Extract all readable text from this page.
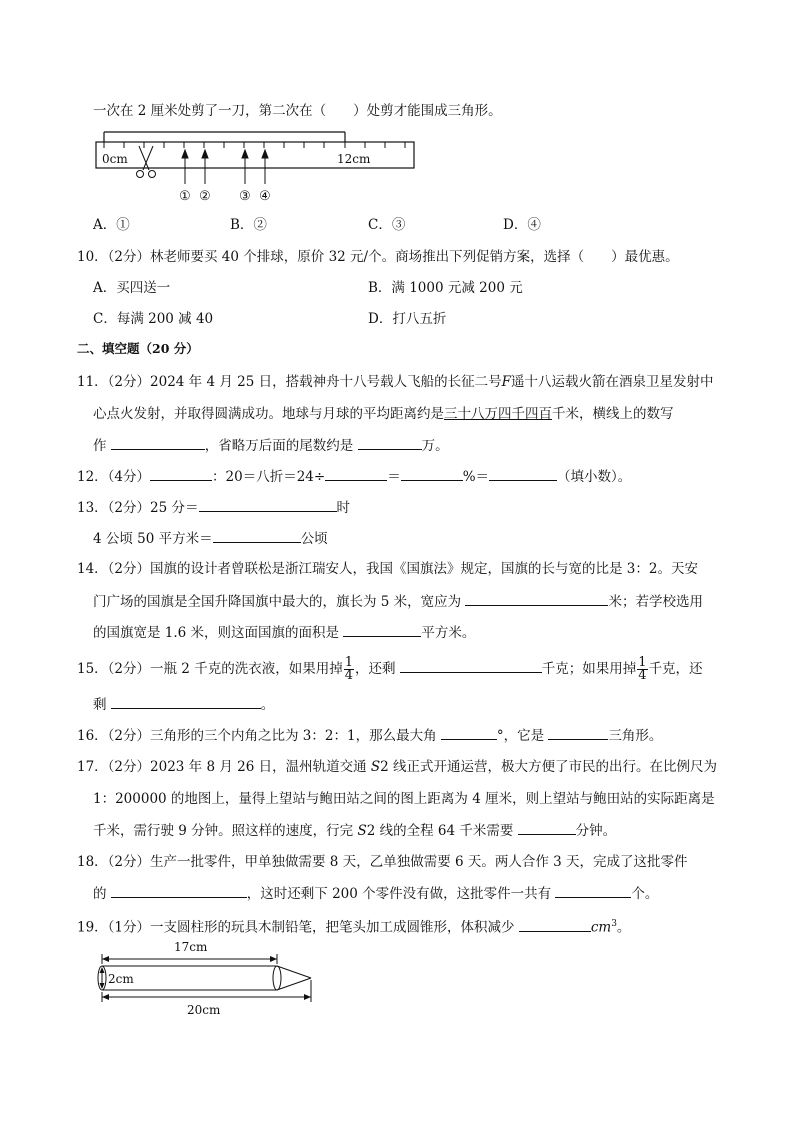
一次在 2 厘米处剪了一刀，第二次在（　　）处剪才能围成三角形。
0cm	12cm
① ② ③ ④
A．①	B．②	C．③	D．④
10．（2分）林老师要买 40 个排球，原价 32 元/个。商场推出下列促销方案，选择（　　）最优惠。
A．买四送一	B．满 1000 元减 200 元
C．每满 200 减 40	D．打八五折
二、填空题（20 分）
11．（2分）2024 年 4 月 25 日，搭载神舟十八号载人飞船的长征二号F遥十八运载火箭在酒泉卫星发射中
心点火发射，并取得圆满成功。地球与月球的平均距离约是三十八万四千四百千米，横线上的数写
作	，省略万后面的尾数约是	万。
12．（4分）	：20＝八折＝24÷	＝	%＝	（填小数）。
13．（2分）25 分＝	时
4 公顷 50 平方米＝	公顷
14．（2分）国旗的设计者曾联松是浙江瑞安人，我国《国旗法》规定，国旗的长与宽的比是 3：2。天安
门广场的国旗是全国升降国旗中最大的，旗长为 5 米，宽应为	米；若学校选用
的国旗宽是 1.6 米，则这面国旗的面积是	平方米。
15．（2分）一瓶 2 千克的洗衣液，如果用掉 $\frac{1}{4}$ ，还剩	千克；如果用掉 $\frac{1}{4}$ 千克，还
剩	。
16．（2分）三角形的三个内角之比为 3：2：1，那么最大角	°，它是	三角形。
17．（2分）2023 年 8 月 26 日，温州轨道交通 S2 线正式开通运营，极大方便了市民的出行。在比例尺为
1：200000 的地图上，量得上望站与鲍田站之间的图上距离为 4 厘米，则上望站与鲍田站的实际距离是
千米，需行驶 9 分钟。照这样的速度，行完 S2 线的全程 64 千米需要	分钟。
18．（2分）生产一批零件，甲单独做需要 8 天，乙单独做需要 6 天。两人合作 3 天，完成了这批零件
的	，这时还剩下 200 个零件没有做，这批零件一共有	个。
19．（1分）一支圆柱形的玩具木制铅笔，把笔头加工成圆锥形，体积减少	$cm^3$。
17cm
2cm
20cm
